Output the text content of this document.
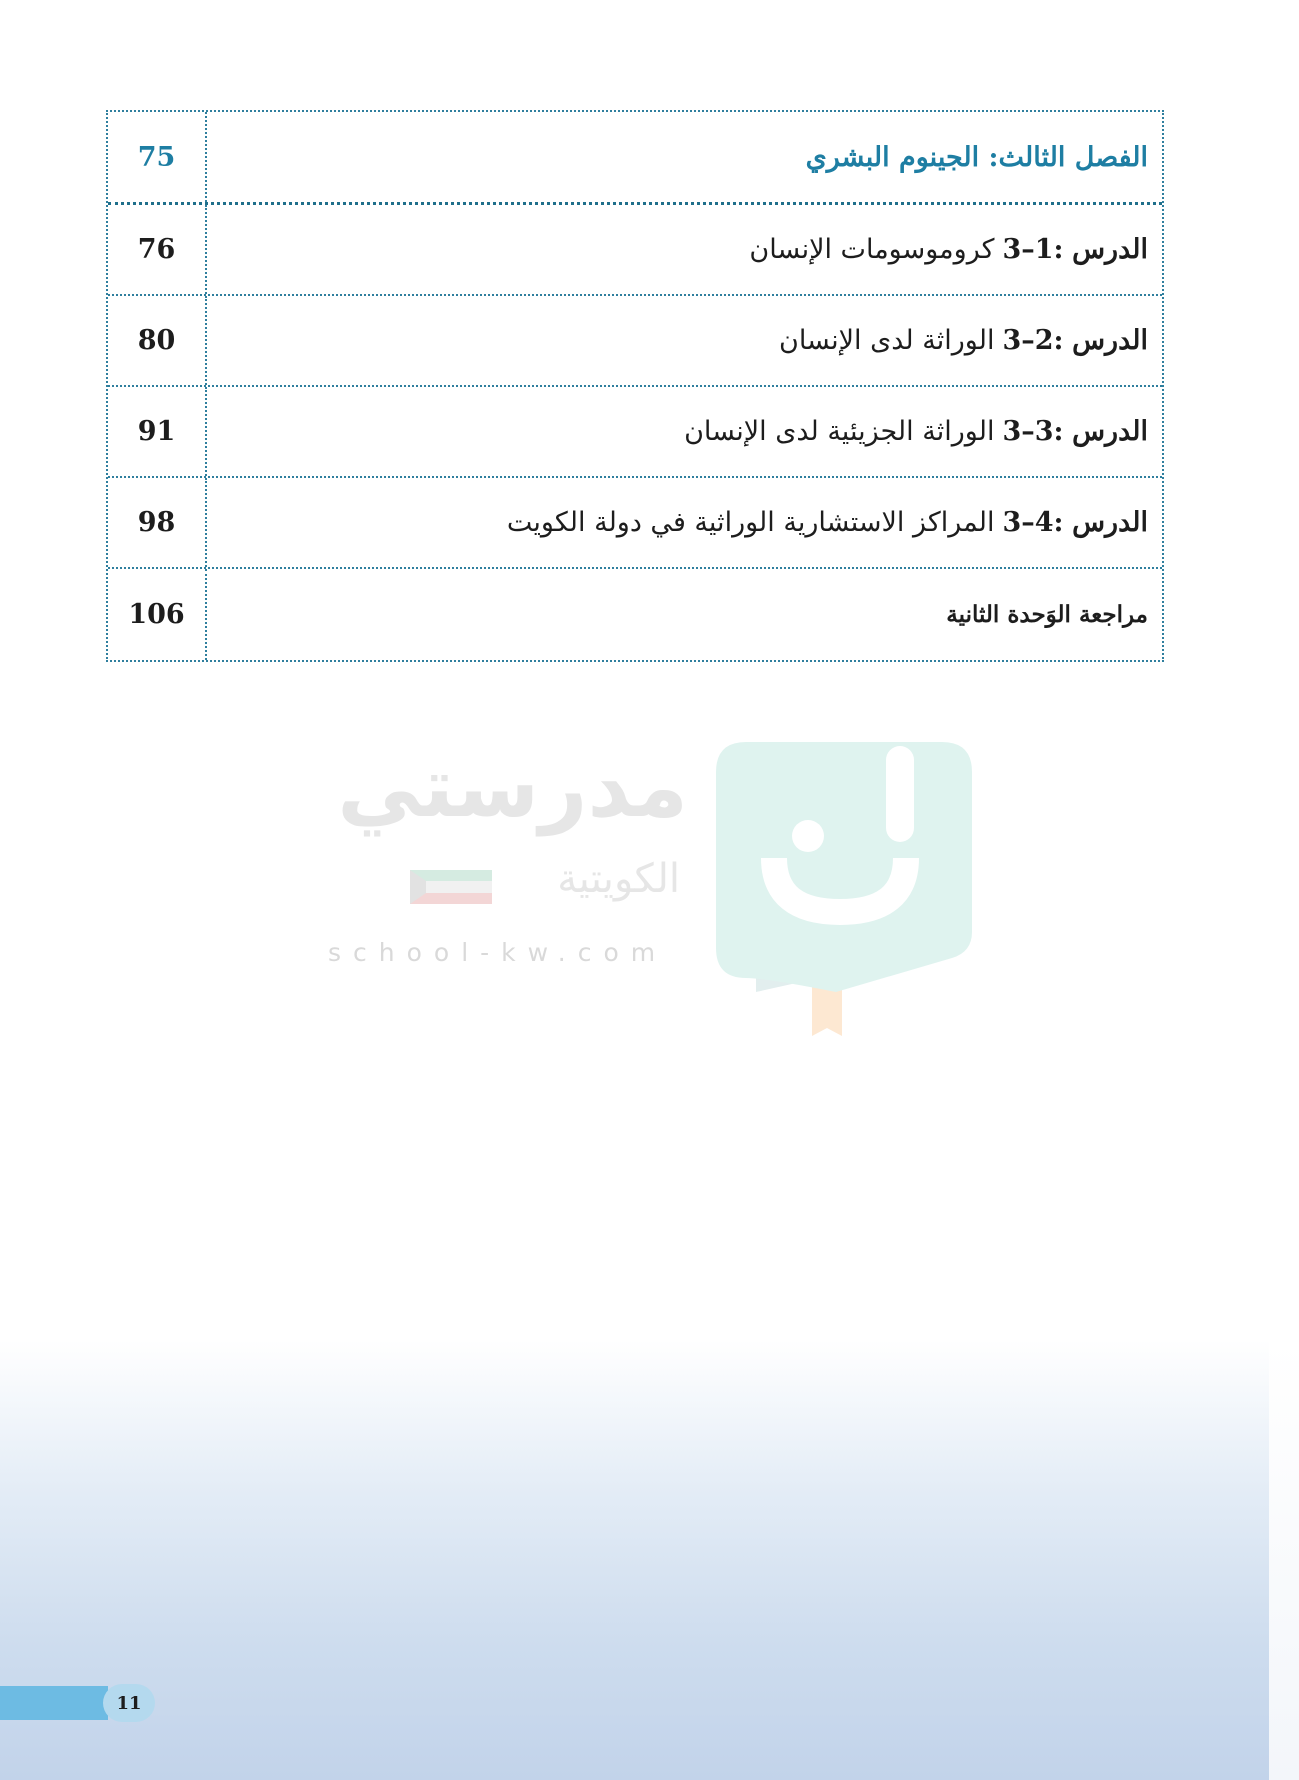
الفصل الثالث: الجينوم البشري
75
الدرس

3–1:
كروموسومات الإنسان
76
الدرس

3–2:
الوراثة لدى الإنسان
80
الدرس

3–3:
الوراثة الجزيئية لدى الإنسان
91
الدرس

3–4:
المراكز الاستشارية الوراثية في دولة الكويت
98
مراجعة الوَحدة الثانية
106
مدرستي
الكويتية
school-kw.com
11
